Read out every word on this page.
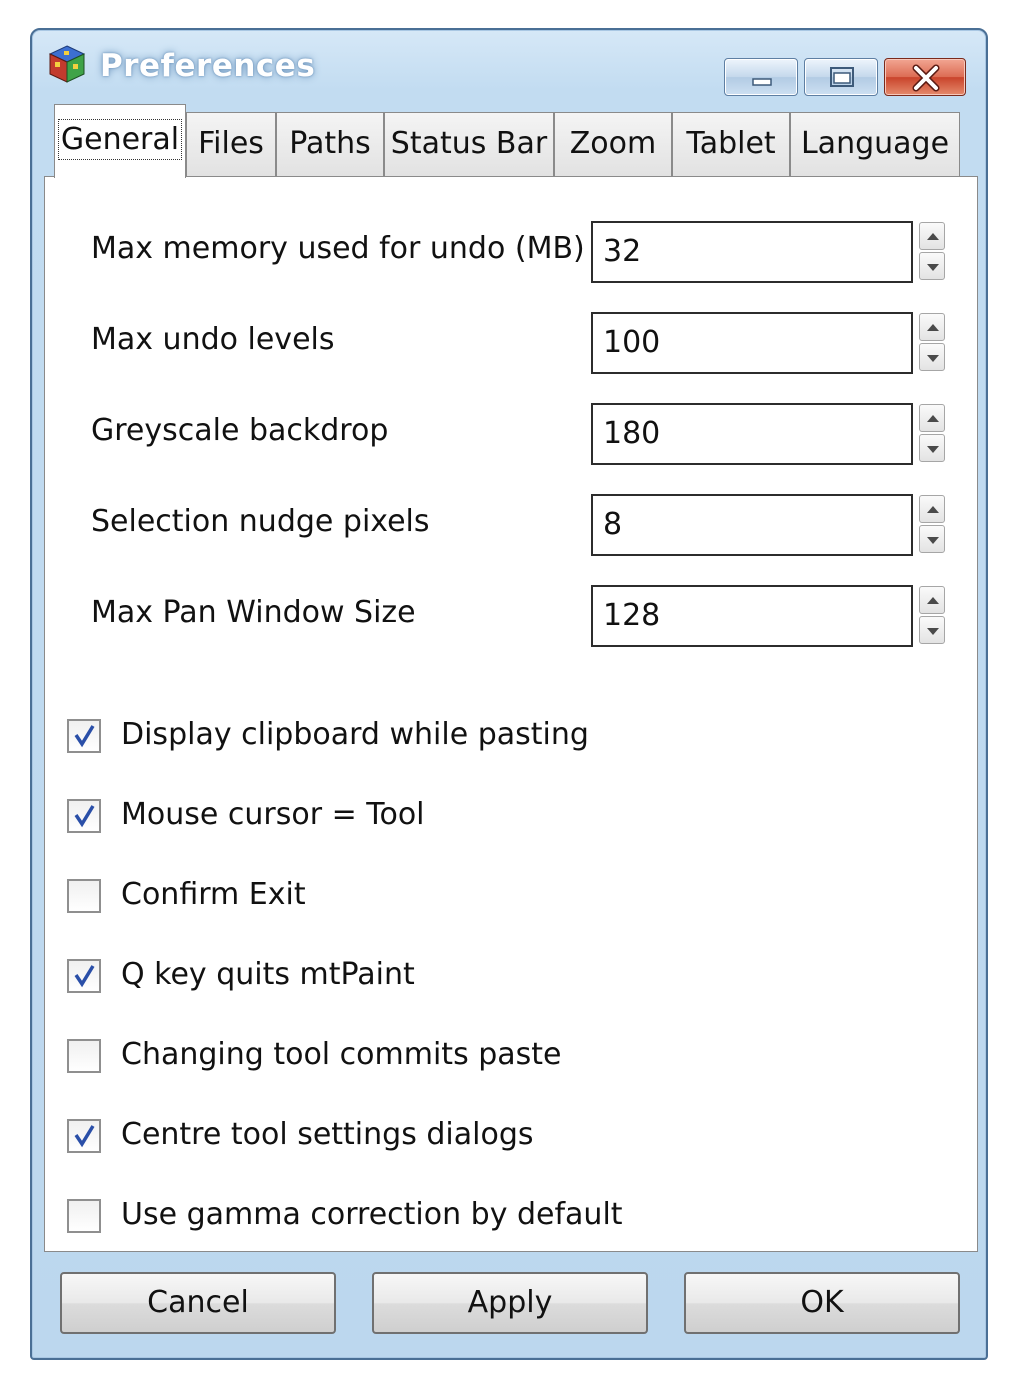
Preferences
General Files Paths Status Bar Zoom	Tablet Language
Max memory used for undo (MB) 32
Max undo levels	100
Greyscale backdrop	180
Selection nudge pixels	8
Max Pan Window Size	128
Display clipboard while pasting
Mouse cursor = Tool
Confirm Exit
Q key quits mtPaint
Changing tool commits paste
Centre tool settings dialogs
Use gamma correction by default
Cancel	Apply	OK
